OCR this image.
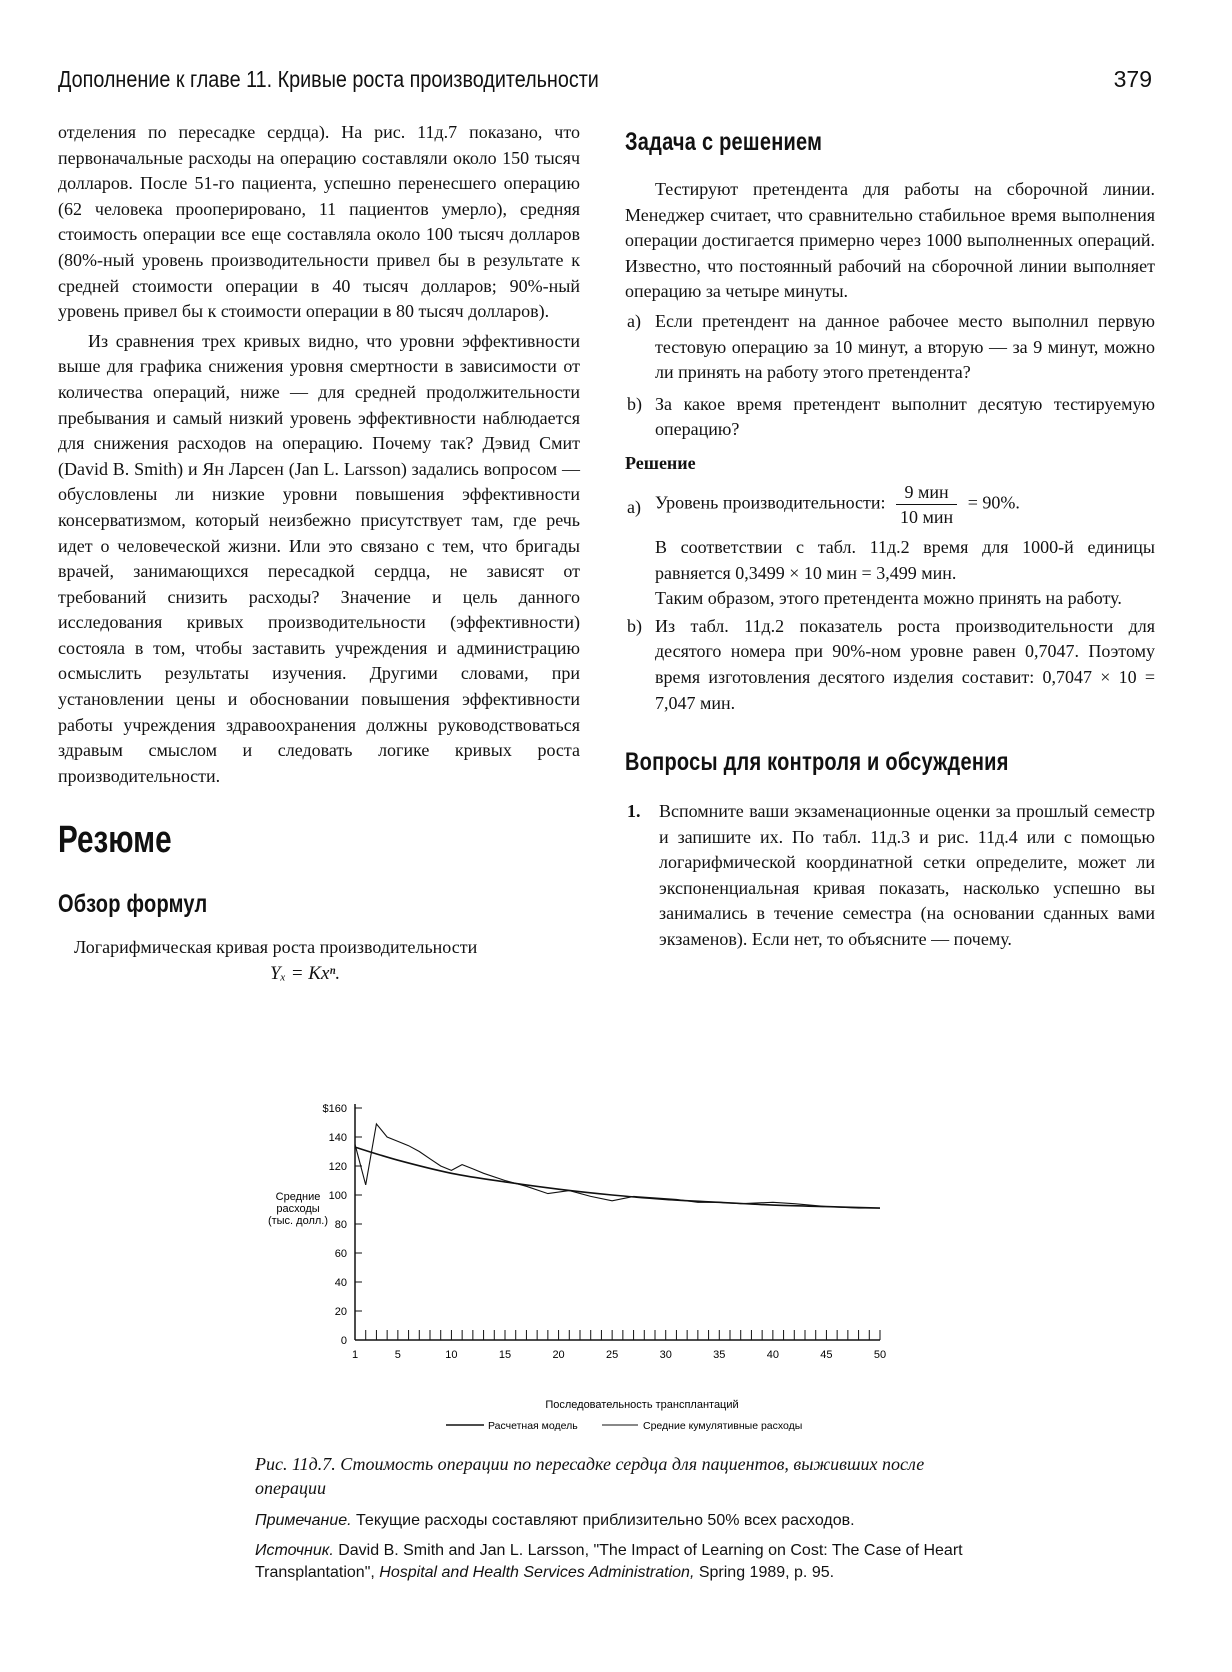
Дополнение к главе 11. Кривые роста производительности	379

отделения по пересадке сердца). На рис. 11д.7 показано, что первоначальные расходы на операцию составляли около 150 тысяч долларов. После 51-го пациента, успешно перенесшего операцию (62 человека прооперировано, 11 пациентов умерло), средняя стоимость операции все еще составляла около 100 тысяч долларов (80%-ный уровень производительности привел бы в результате к средней стоимости операции в 40 тысяч долларов; 90%-ный уровень привел бы к стоимости операции в 80 тысяч долларов).

Из сравнения трех кривых видно, что уровни эффективности выше для графика снижения уровня смертности в зависимости от количества операций, ниже — для средней продолжительности пребывания и самый низкий уровень эффективности наблюдается для снижения расходов на операцию. Почему так? Дэвид Смит (David B. Smith) и Ян Ларсен (Jan L. Larsson) задались вопросом — обусловлены ли низкие уровни повышения эффективности консерватизмом, который неизбежно присутствует там, где речь идет о человеческой жизни. Или это связано с тем, что бригады врачей, занимающихся пересадкой сердца, не зависят от требований снизить расходы? Значение и цель данного исследования кривых производительности (эффективности) состояла в том, чтобы заставить учреждения и администрацию осмыслить результаты изучения. Другими словами, при установлении цены и обосновании повышения эффективности работы учреждения здравоохранения должны руководствоваться здравым смыслом и следовать логике кривых роста производительности.

Резюме
Обзор формул

Логарифмическая кривая роста производительности

Yₓ = Kxⁿ.
Задача с решением

Тестируют претендента для работы на сборочной линии. Менеджер считает, что сравнительно стабильное время выполнения операции достигается примерно через 1000 выполненных операций. Известно, что постоянный рабочий на сборочной линии выполняет операцию за четыре минуты.

a) Если претендент на данное рабочее место выполнил первую тестовую операцию за 10 минут, а вторую — за 9 минут, можно ли принять на работу этого претендента?
b) За какое время претендент выполнит десятую тестируемую операцию?
Решение
a) Уровень производительности: $\frac{\text{9 мин}}{\text{10 мин}} = 90\%$.

В соответствии с табл. 11д.2 время для 1000-й единицы равняется 0,3499 × 10 мин = 3,499 мин.

Таким образом, этого претендента можно принять на работу.

b) Из табл. 11д.2 показатель роста производительности для десятого номера при 90%-ном уровне равен 0,7047. Поэтому время изготовления десятого изделия составит: 0,7047 × 10 = 7,047 мин.
Вопросы для контроля и обсуждения
1. Вспомните ваши экзаменационные оценки за прошлый семестр и запишите их. По табл. 11д.3 и рис. 11д.4 или с помощью логарифмической координатной сетки определите, может ли экспоненциальная кривая показать, насколько успешно вы занимались в течение семестра (на основании сданных вами экзаменов). Если нет, то объясните — почему.
$160
140
120
100
80
60
40
20
0
1	5	10	15	20	25	30	35	40	45	50
Средние
расходы
(тыс. долл.)
Последовательность трансплантаций
Расчетная модель	Средние кумулятивные расходы
Рис. 11д.7. Стоимость операции по пересадке сердца для пациентов, выживших после операции
Примечание. Текущие расходы составляют приблизительно 50% всех расходов.
Источник. David B. Smith and Jan L. Larsson, "The Impact of Learning on Cost: The Case of Heart Transplantation", Hospital and Health Services Administration, Spring 1989, p. 95.
